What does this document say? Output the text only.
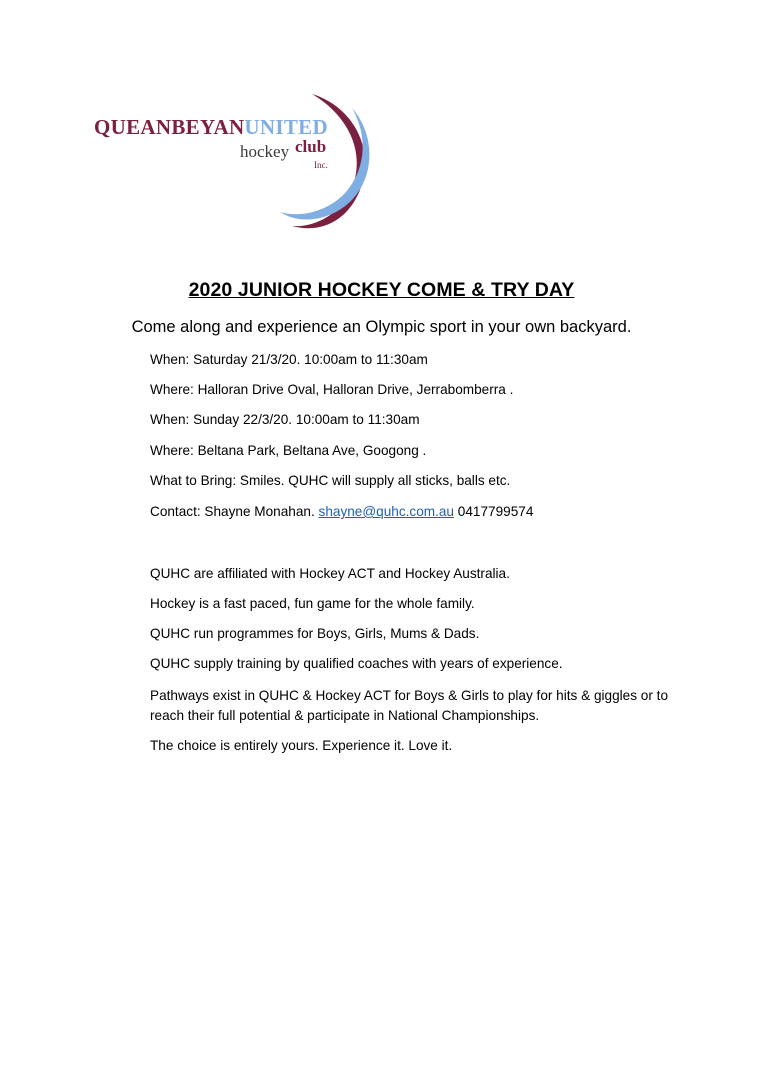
QUEANBEYANUNITED
hockey club
Inc.
2020 JUNIOR HOCKEY COME & TRY DAY
Come along and experience an Olympic sport in your own backyard.
When: Saturday 21/3/20. 10:00am to 11:30am
Where: Halloran Drive Oval, Halloran Drive, Jerrabomberra .
When: Sunday 22/3/20. 10:00am to 11:30am
Where: Beltana Park, Beltana Ave, Googong .
What to Bring: Smiles. QUHC will supply all sticks, balls etc.
Contact: Shayne Monahan. shayne@quhc.com.au 0417799574
QUHC are affiliated with Hockey ACT and Hockey Australia.
Hockey is a fast paced, fun game for the whole family.
QUHC run programmes for Boys, Girls, Mums & Dads.
QUHC supply training by qualified coaches with years of experience.
Pathways exist in QUHC & Hockey ACT for Boys & Girls to play for hits & giggles or to reach their full potential & participate in National Championships.
The choice is entirely yours. Experience it. Love it.
